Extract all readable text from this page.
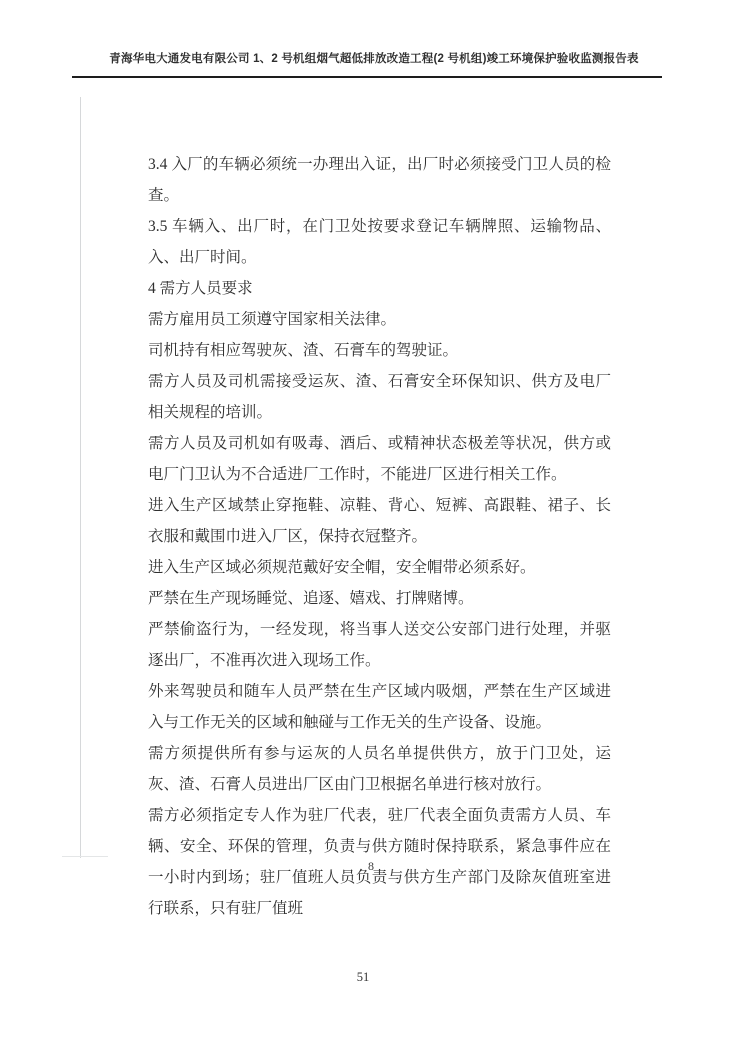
青海华电大通发电有限公司 1、2 号机组烟气超低排放改造工程(2 号机组)竣工环境保护验收监测报告表

3.4 入厂的车辆必须统一办理出入证，出厂时必须接受门卫人员的检查。

3.5 车辆入、出厂时，在门卫处按要求登记车辆牌照、运输物品、入、出厂时间。

4 需方人员要求

需方雇用员工须遵守国家相关法律。

司机持有相应驾驶灰、渣、石膏车的驾驶证。

需方人员及司机需接受运灰、渣、石膏安全环保知识、供方及电厂相关规程的培训。

需方人员及司机如有吸毒、酒后、或精神状态极差等状况，供方或电厂门卫认为不合适进厂工作时，不能进厂区进行相关工作。

进入生产区域禁止穿拖鞋、凉鞋、背心、短裤、高跟鞋、裙子、长衣服和戴围巾进入厂区，保持衣冠整齐。

进入生产区域必须规范戴好安全帽，安全帽带必须系好。

严禁在生产现场睡觉、追逐、嬉戏、打牌赌博。

严禁偷盗行为，一经发现，将当事人送交公安部门进行处理，并驱逐出厂，不准再次进入现场工作。

外来驾驶员和随车人员严禁在生产区域内吸烟，严禁在生产区域进入与工作无关的区域和触碰与工作无关的生产设备、设施。

需方须提供所有参与运灰的人员名单提供供方，放于门卫处，运灰、渣、石膏人员进出厂区由门卫根据名单进行核对放行。

需方必须指定专人作为驻厂代表，驻厂代表全面负责需方人员、车辆、安全、环保的管理，负责与供方随时保持联系，紧急事件应在一小时内到场；驻厂值班人员负责与供方生产部门及除灰值班室进行联系，只有驻厂值班

8
51
